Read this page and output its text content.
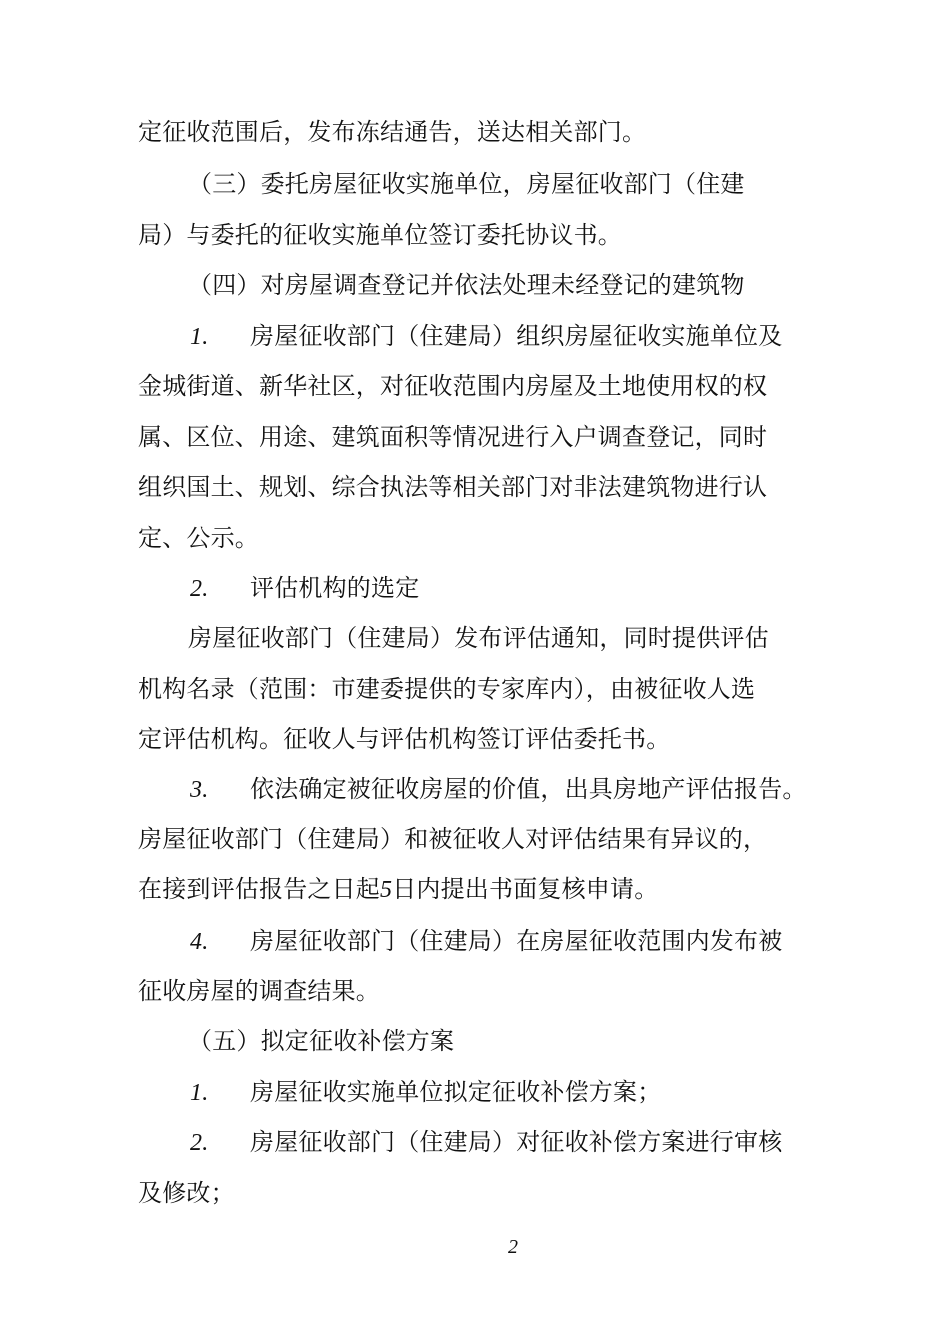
定征收范围后，发布冻结通告，送达相关部门。
（三）委托房屋征收实施单位，房屋征收部门（住建
局）与委托的征收实施单位签订委托协议书。
（四）对房屋调查登记并依法处理未经登记的建筑物
1. 房屋征收部门（住建局）组织房屋征收实施单位及
金城街道、新华社区，对征收范围内房屋及土地使用权的权
属、区位、用途、建筑面积等情况进行入户调查登记，同时
组织国土、规划、综合执法等相关部门对非法建筑物进行认
定、公示。
2. 评估机构的选定
房屋征收部门（住建局）发布评估通知，同时提供评估
机构名录（范围：市建委提供的专家库内），由被征收人选
定评估机构。征收人与评估机构签订评估委托书。
3. 依法确定被征收房屋的价值，出具房地产评估报告。
房屋征收部门（住建局）和被征收人对评估结果有异议的，
在接到评估报告之日起5日内提出书面复核申请。
4. 房屋征收部门（住建局）在房屋征收范围内发布被
征收房屋的调查结果。
（五）拟定征收补偿方案
1. 房屋征收实施单位拟定征收补偿方案；
2. 房屋征收部门（住建局）对征收补偿方案进行审核
及修改；
2
